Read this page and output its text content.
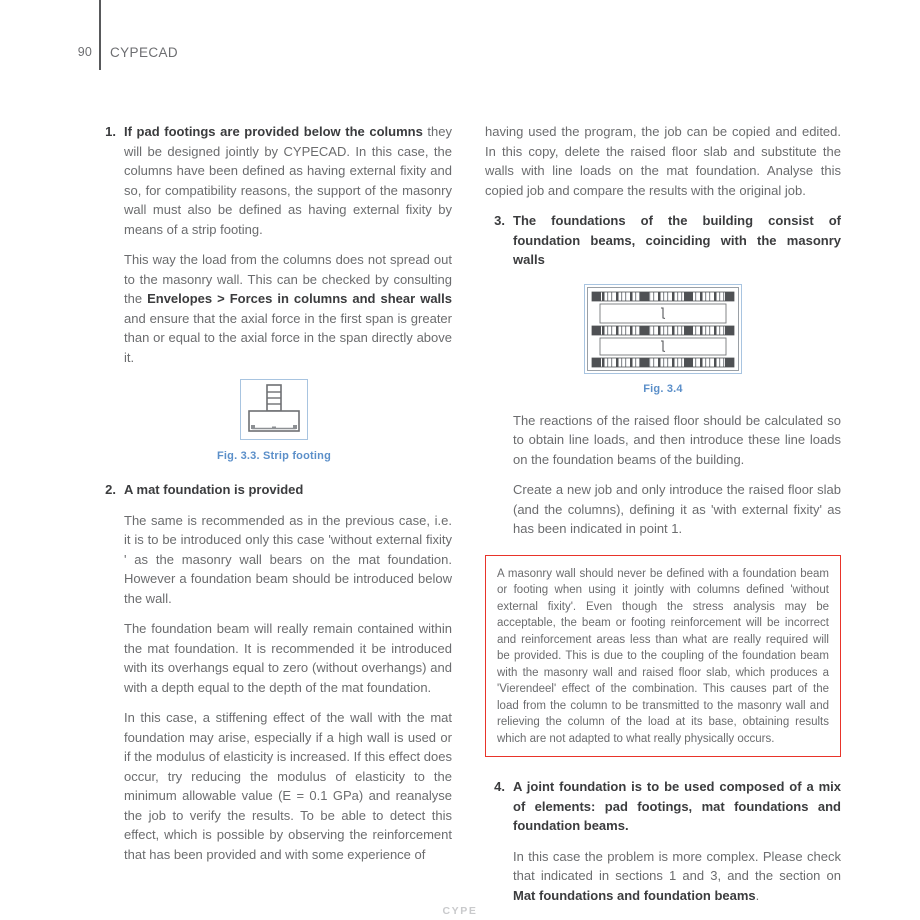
90 CYPECAD
1. If pad footings are provided below the columns they will be designed jointly by CYPECAD. In this case, the columns have been defined as having external fixity and so, for compatibility reasons, the support of the masonry wall must also be defined as having external fixity by means of a strip footing.

This way the load from the columns does not spread out to the masonry wall. This can be checked by consulting the Envelopes > Forces in columns and shear walls and ensure that the axial force in the first span is greater than or equal to the axial force in the span directly above it.

Fig. 3.3. Strip footing
2. A mat foundation is provided

The same is recommended as in the previous case, i.e. it is to be introduced only this case 'without external fixity ' as the masonry wall bears on the mat foundation. However a foundation beam should be introduced below the wall.

The foundation beam will really remain contained within the mat foundation. It is recommended it be introduced with its overhangs equal to zero (without overhangs) and with a depth equal to the depth of the mat foundation.

In this case, a stiffening effect of the wall with the mat foundation may arise, especially if a high wall is used or if the modulus of elasticity is increased. If this effect does occur, try reducing the modulus of elasticity to the minimum allowable value (E = 0.1 GPa) and reanalyse the job to verify the results. To be able to detect this effect, which is possible by observing the reinforcement that has been provided and with some experience of

having used the program, the job can be copied and edited. In this copy, delete the raised floor slab and substitute the walls with line loads on the mat foundation. Analyse this copied job and compare the results with the original job.

3. The foundations of the building consist of foundation beams, coinciding with the masonry walls

Fig. 3.4

The reactions of the raised floor should be calculated so to obtain line loads, and then introduce these line loads on the foundation beams of the building.

Create a new job and only introduce the raised floor slab (and the columns), defining it as 'with external fixity' as has been indicated in point 1.

A masonry wall should never be defined with a foundation beam or footing when using it jointly with columns defined 'without external fixity'. Even though the stress analysis may be acceptable, the beam or footing reinforcement will be incorrect and reinforcement areas less than what are really required will be provided. This is due to the coupling of the foundation beam with the masonry wall and raised floor slab, which produces a 'Vierendeel' effect of the combination. This causes part of the load from the column to be transmitted to the masonry wall and relieving the column of the load at its base, obtaining results which are not adapted to what really physically occurs.

4. A joint foundation is to be used composed of a mix of elements: pad footings, mat foundations and foundation beams.

In this case the problem is more complex. Please check that indicated in sections 1 and 3, and the section on Mat foundations and foundation beams.

CYPE
